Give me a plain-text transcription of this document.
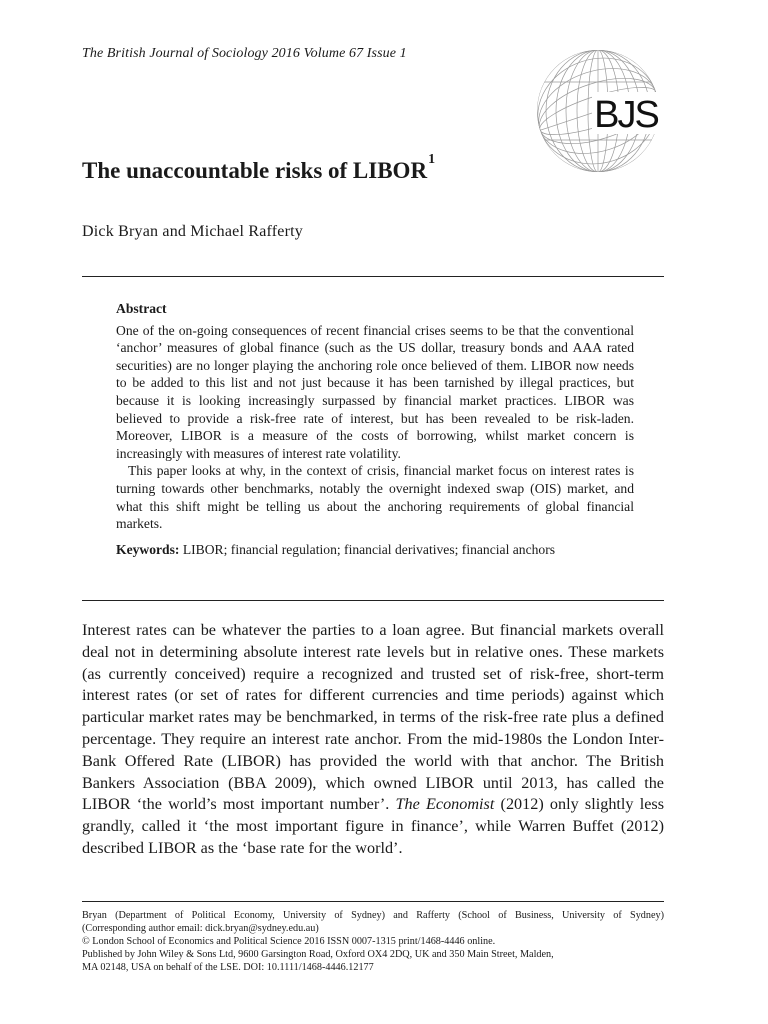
The British Journal of Sociology 2016 Volume 67 Issue 1
BJS
The unaccountable risks of LIBOR$^1$
Dick Bryan and Michael Rafferty
Abstract

One of the on-going consequences of recent financial crises seems to be that the conventional ‘anchor’ measures of global finance (such as the US dollar, treasury bonds and AAA rated securities) are no longer playing the anchoring role once believed of them. LIBOR now needs to be added to this list and not just because it has been tarnished by illegal practices, but because it is looking increasingly surpassed by financial market practices. LIBOR was believed to provide a risk-free rate of interest, but has been revealed to be risk-laden. Moreover, LIBOR is a measure of the costs of borrowing, whilst market concern is increasingly with measures of interest rate volatility.

This paper looks at why, in the context of crisis, financial market focus on interest rates is turning towards other benchmarks, notably the overnight indexed swap (OIS) market, and what this shift might be telling us about the anchoring requirements of global financial markets.

Keywords: LIBOR; financial regulation; financial derivatives; financial anchors

Interest rates can be whatever the parties to a loan agree. But financial markets overall deal not in determining absolute interest rate levels but in relative ones. These markets (as currently conceived) require a recognized and trusted set of risk-free, short-term interest rates (or set of rates for different currencies and time periods) against which particular market rates may be benchmarked, in terms of the risk-free rate plus a defined percentage. They require an interest rate anchor. From the mid-1980s the London Inter-Bank Offered Rate (LIBOR) has provided the world with that anchor. The British Bankers Association (BBA 2009), which owned LIBOR until 2013, has called the LIBOR ‘the world’s most important number’. The Economist (2012) only slightly less grandly, called it ‘the most important figure in finance’, while Warren Buffet (2012) described LIBOR as the ‘base rate for the world’.

Bryan (Department of Political Economy, University of Sydney) and Rafferty (School of Business, University of Sydney)
(Corresponding author email: dick.bryan@sydney.edu.au)
© London School of Economics and Political Science 2016 ISSN 0007-1315 print/1468-4446 online.
Published by John Wiley & Sons Ltd, 9600 Garsington Road, Oxford OX4 2DQ, UK and 350 Main Street, Malden,
MA 02148, USA on behalf of the LSE. DOI: 10.1111/1468-4446.12177
